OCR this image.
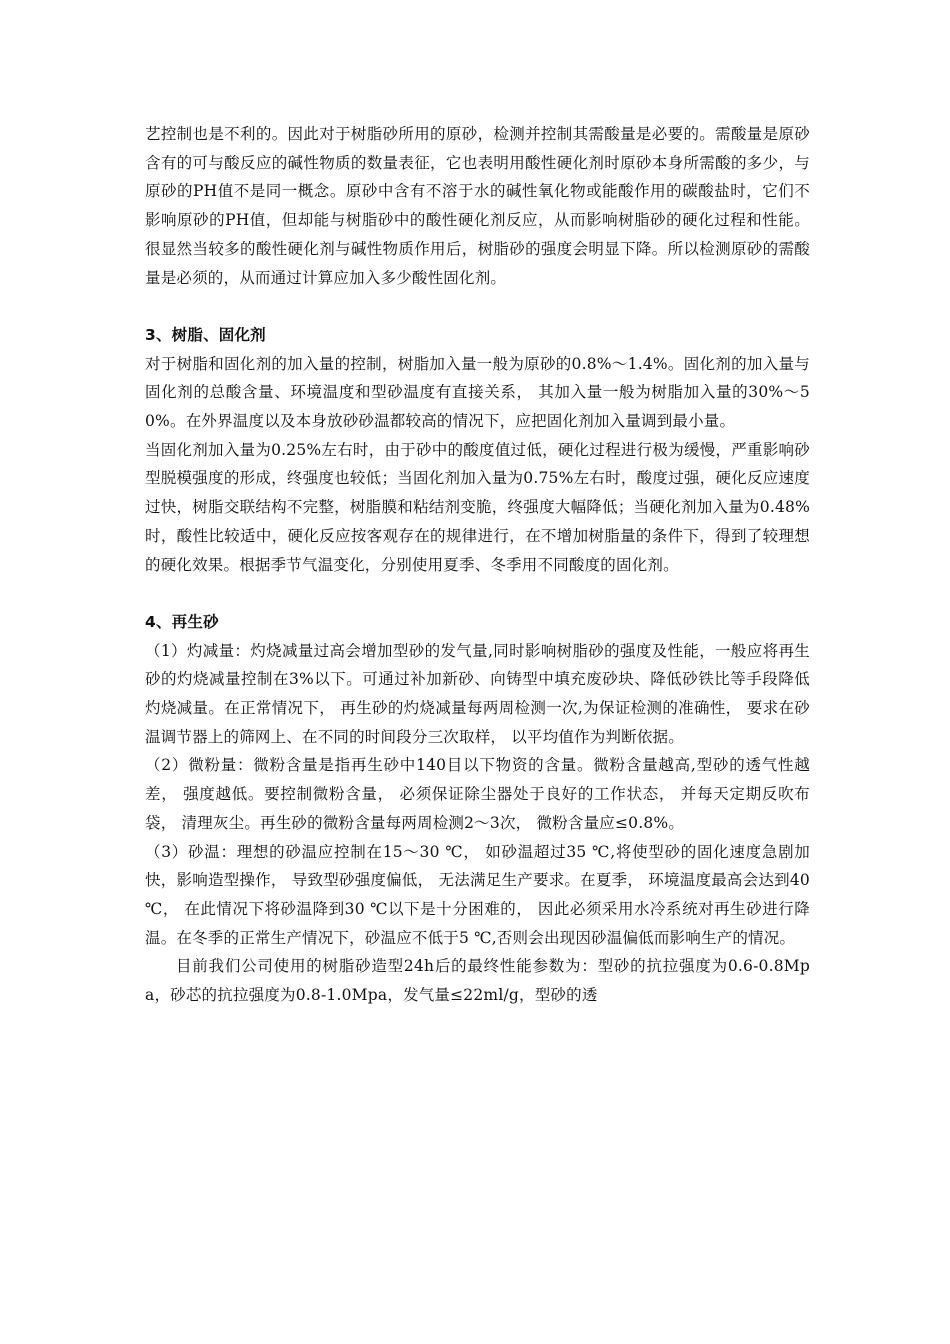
艺控制也是不利的。因此对于树脂砂所用的原砂，检测并控制其需酸量是必要的。需酸量是原砂含有的可与酸反应的碱性物质的数量表征，它也表明用酸性硬化剂时原砂本身所需酸的多少，与原砂的PH值不是同一概念。原砂中含有不溶于水的碱性氧化物或能酸作用的碳酸盐时，它们不影响原砂的PH值，但却能与树脂砂中的酸性硬化剂反应，从而影响树脂砂的硬化过程和性能。很显然当较多的酸性硬化剂与碱性物质作用后，树脂砂的强度会明显下降。所以检测原砂的需酸量是必须的，从而通过计算应加入多少酸性固化剂。

3、树脂、固化剂

对于树脂和固化剂的加入量的控制，树脂加入量一般为原砂的0.8%～1.4%。固化剂的加入量与固化剂的总酸含量、环境温度和型砂温度有直接关系， 其加入量一般为树脂加入量的30%～50%。在外界温度以及本身放砂砂温都较高的情况下，应把固化剂加入量调到最小量。

当固化剂加入量为0.25%左右时，由于砂中的酸度值过低，硬化过程进行极为缓慢，严重影响砂型脱模强度的形成，终强度也较低；当固化剂加入量为0.75%左右时，酸度过强，硬化反应速度过快，树脂交联结构不完整，树脂膜和粘结剂变脆，终强度大幅降低；当硬化剂加入量为0.48%时，酸性比较适中，硬化反应按客观存在的规律进行，在不增加树脂量的条件下，得到了较理想的硬化效果。根据季节气温变化，分别使用夏季、冬季用不同酸度的固化剂。

4、再生砂

（1）灼减量：灼烧减量过高会增加型砂的发气量,同时影响树脂砂的强度及性能，一般应将再生砂的灼烧减量控制在3%以下。可通过补加新砂、向铸型中填充废砂块、降低砂铁比等手段降低灼烧减量。在正常情况下， 再生砂的灼烧减量每两周检测一次,为保证检测的准确性， 要求在砂温调节器上的筛网上、在不同的时间段分三次取样， 以平均值作为判断依据。

（2）微粉量：微粉含量是指再生砂中140目以下物资的含量。微粉含量越高,型砂的透气性越差， 强度越低。要控制微粉含量， 必须保证除尘器处于良好的工作状态， 并每天定期反吹布袋， 清理灰尘。再生砂的微粉含量每两周检测2～3次， 微粉含量应≤0.8%。

（3）砂温：理想的砂温应控制在15～30 ℃， 如砂温超过35 ℃,将使型砂的固化速度急剧加快，影响造型操作， 导致型砂强度偏低， 无法满足生产要求。在夏季， 环境温度最高会达到40 ℃， 在此情况下将砂温降到30 ℃以下是十分困难的， 因此必须采用水冷系统对再生砂进行降温。在冬季的正常生产情况下，砂温应不低于5 ℃,否则会出现因砂温偏低而影响生产的情况。

目前我们公司使用的树脂砂造型24h后的最终性能参数为：型砂的抗拉强度为0.6-0.8Mpa，砂芯的抗拉强度为0.8-1.0Mpa，发气量≤22ml/g，型砂的透
